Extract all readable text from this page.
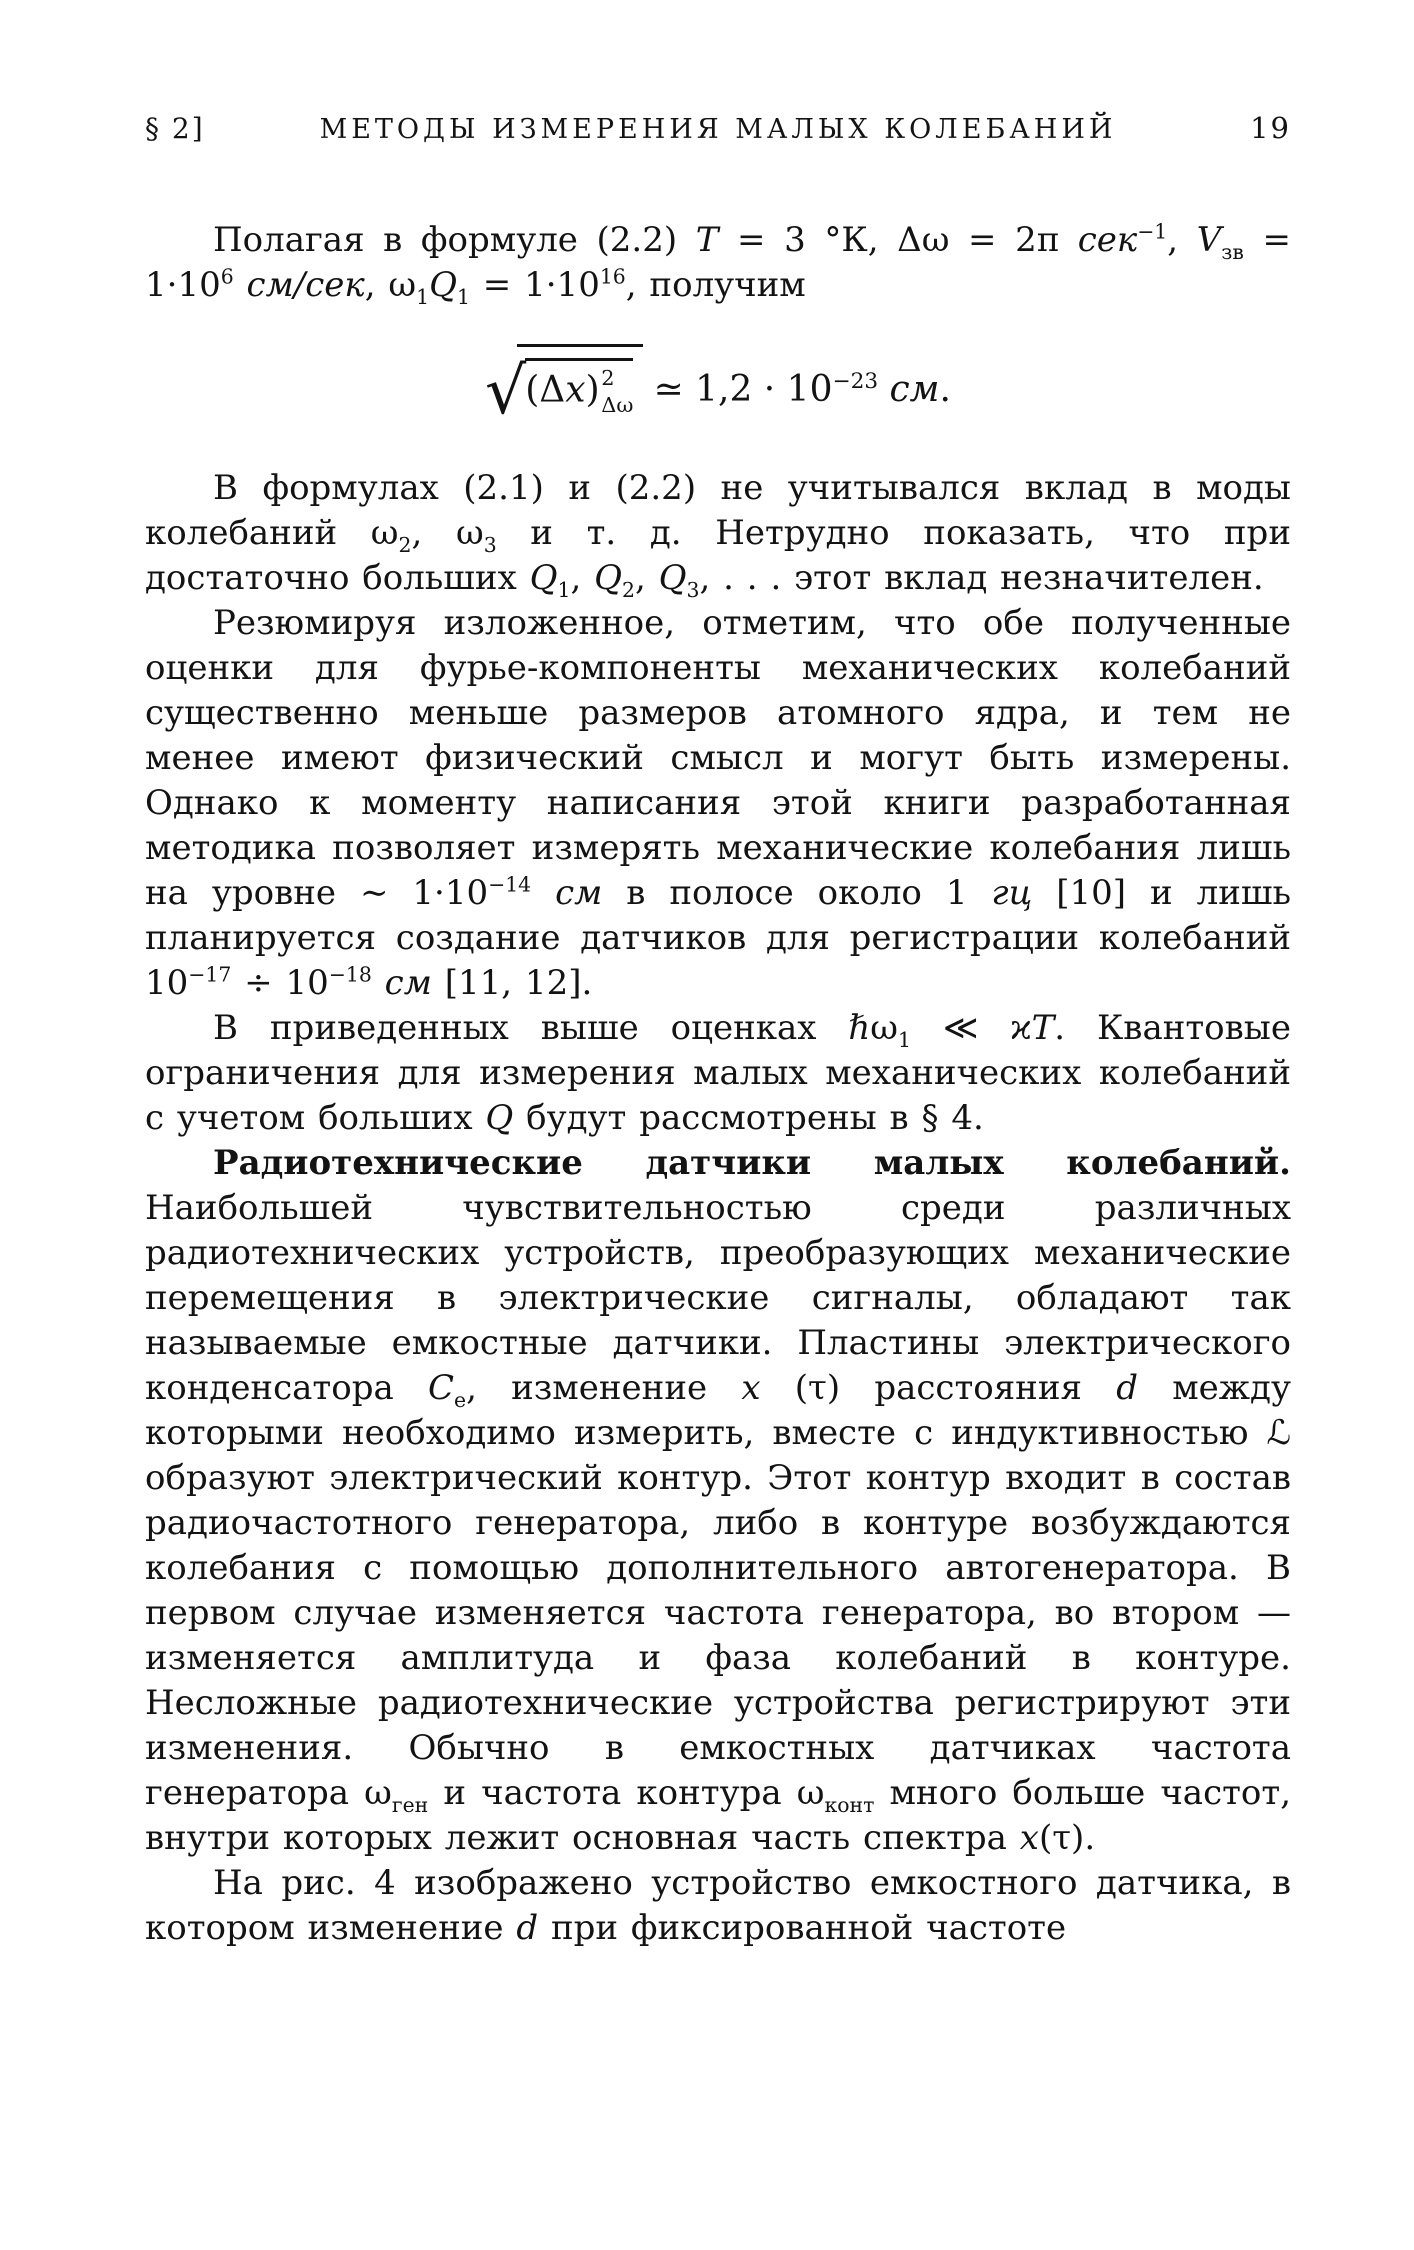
§ 2]	МЕТОДЫ ИЗМЕРЕНИЯ МАЛЫХ КОЛЕБАНИЙ	19

Полагая в формуле (2.2) T = 3 °К, Δω = 2π сек$^{-1}$, $V_{зв} = 1\cdot 10^6$ см/сек, $\omega_1Q_1 = 1\cdot 10^{16}$, получим

√(Δx) 2
Δω ≃ $1,2 \cdot 10^{-23}$ см.

В формулах (2.1) и (2.2) не учитывался вклад в моды колебаний $\omega_2$, $\omega_3$ и т. д. Нетрудно показать, что при достаточно больших $Q_1$, $Q_2$, $Q_3$, . . . этот вклад незначителен.

Резюмируя изложенное, отметим, что обе полученные оценки для фурье-компоненты механических колебаний существенно меньше размеров атомного ядра, и тем не менее имеют физический смысл и могут быть измерены. Однако к моменту написания этой книги разработанная методика позволяет измерять механические колебания лишь на уровне ∼ $1\cdot 10^{-14}$ см в полосе около 1 гц [10] и лишь планируется создание датчиков для регистрации колебаний $10^{-17} \div 10^{-18}$ см [11, 12].

В приведенных выше оценках ℏω$_1$ ≪ ϰT. Квантовые ограничения для измерения малых механических колебаний с учетом больших Q будут рассмотрены в § 4.

Радиотехнические датчики малых колебаний. Наибольшей чувствительностью среди различных радиотехнических устройств, преобразующих механические перемещения в электрические сигналы, обладают так называемые емкостные датчики. Пластины электрического конденсатора $C_e$, изменение x (τ) расстояния d между которыми необходимо измерить, вместе с индуктивностью ℒ образуют электрический контур. Этот контур входит в состав радиочастотного генератора, либо в контуре возбуждаются колебания с помощью дополнительного автогенератора. В первом случае изменяется частота генератора, во втором — изменяется амплитуда и фаза колебаний в контуре. Несложные радиотехнические устройства регистрируют эти изменения. Обычно в емкостных датчиках частота генератора $\omega_{ген}$ и частота контура $\omega_{конт}$ много больше частот, внутри которых лежит основная часть спектра x(τ).

На рис. 4 изображено устройство емкостного датчика, в котором изменение d при фиксированной частоте
